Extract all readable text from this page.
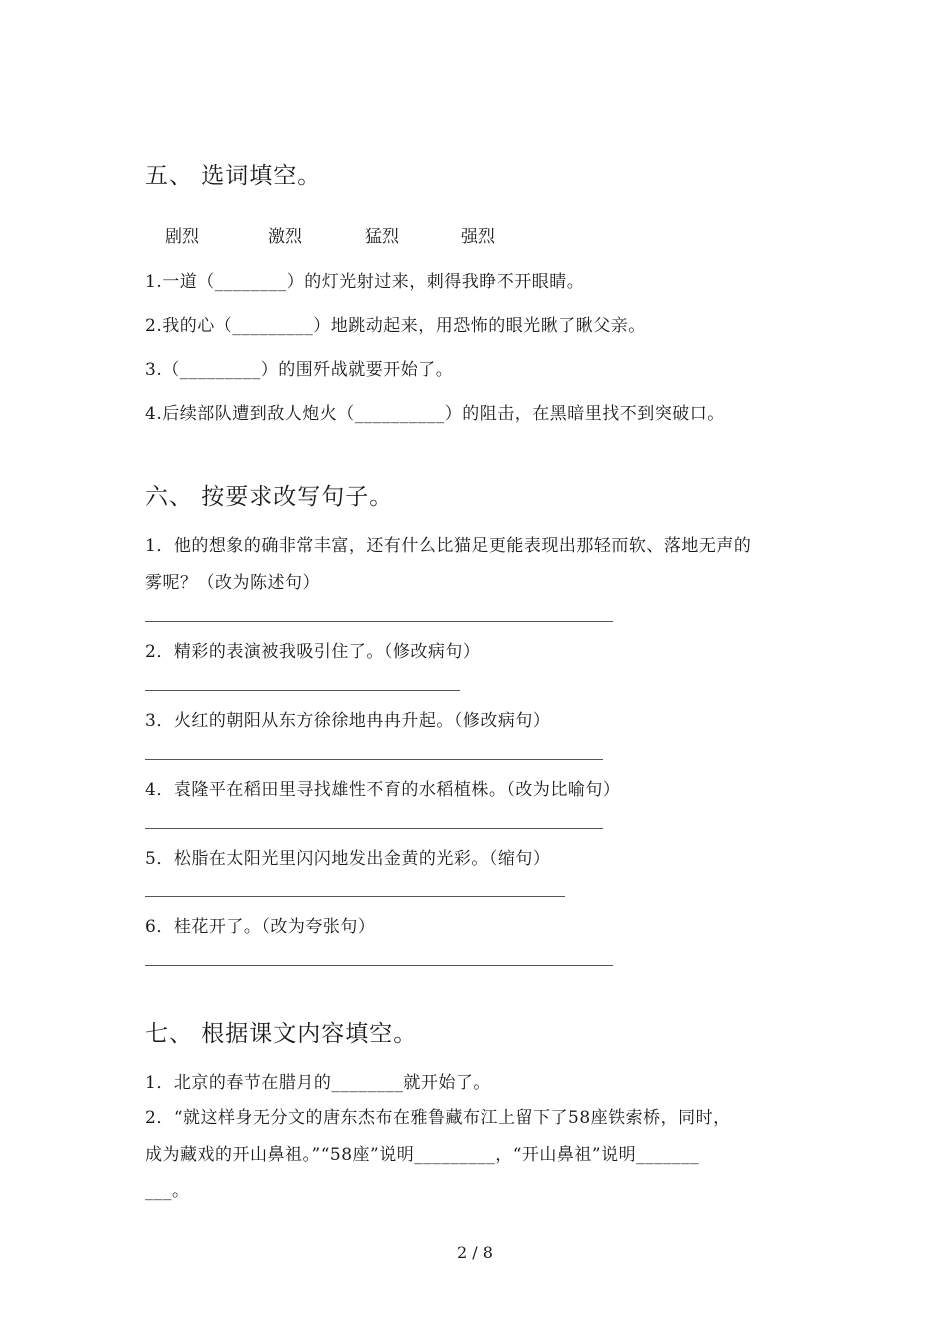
五、 选词填空。
剧烈	激烈	猛烈	强烈
1.一道（________）的灯光射过来，刺得我睁不开眼睛。
2.我的心（_________）地跳动起来，用恐怖的眼光瞅了瞅父亲。
3.（_________）的围歼战就要开始了。
4.后续部队遭到敌人炮火（__________）的阻击，在黑暗里找不到突破口。
六、 按要求改写句子。
1．他的想象的确非常丰富，还有什么比猫足更能表现出那轻而软、落地无声的
雾呢？（改为陈述句）
2．精彩的表演被我吸引住了。（修改病句）
3．火红的朝阳从东方徐徐地冉冉升起。（修改病句）
4．袁隆平在稻田里寻找雄性不育的水稻植株。（改为比喻句）
5．松脂在太阳光里闪闪地发出金黄的光彩。（缩句）
6．桂花开了。（改为夸张句）
七、 根据课文内容填空。
1．北京的春节在腊月的________就开始了。
2．“就这样身无分文的唐东杰布在雅鲁藏布江上留下了58座铁索桥，同时，
成为藏戏的开山鼻祖。”“58座”说明_________，“开山鼻祖”说明_______
___。
2 / 8
